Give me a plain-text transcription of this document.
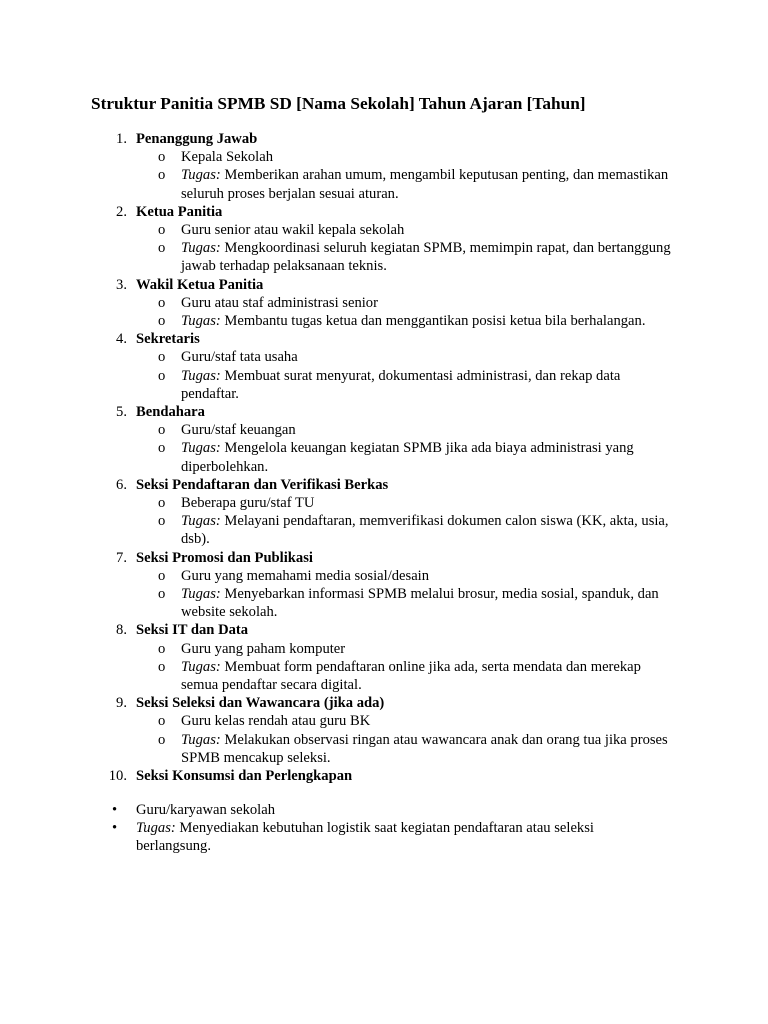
Struktur Panitia SPMB SD [Nama Sekolah] Tahun Ajaran [Tahun]
1. Penanggung Jawab
o Kepala Sekolah
o Tugas: Memberikan arahan umum, mengambil keputusan penting, dan memastikan seluruh proses berjalan sesuai aturan.
2. Ketua Panitia
o Guru senior atau wakil kepala sekolah
o Tugas: Mengkoordinasi seluruh kegiatan SPMB, memimpin rapat, dan bertanggung jawab terhadap pelaksanaan teknis.
3. Wakil Ketua Panitia
o Guru atau staf administrasi senior
o Tugas: Membantu tugas ketua dan menggantikan posisi ketua bila berhalangan.
4. Sekretaris
o Guru/staf tata usaha
o Tugas: Membuat surat menyurat, dokumentasi administrasi, dan rekap data pendaftar.
5. Bendahara
o Guru/staf keuangan
o Tugas: Mengelola keuangan kegiatan SPMB jika ada biaya administrasi yang diperbolehkan.
6. Seksi Pendaftaran dan Verifikasi Berkas
o Beberapa guru/staf TU
o Tugas: Melayani pendaftaran, memverifikasi dokumen calon siswa (KK, akta, usia, dsb).
7. Seksi Promosi dan Publikasi
o Guru yang memahami media sosial/desain
o Tugas: Menyebarkan informasi SPMB melalui brosur, media sosial, spanduk, dan website sekolah.
8. Seksi IT dan Data
o Guru yang paham komputer
o Tugas: Membuat form pendaftaran online jika ada, serta mendata dan merekap semua pendaftar secara digital.
9. Seksi Seleksi dan Wawancara (jika ada)
o Guru kelas rendah atau guru BK
o Tugas: Melakukan observasi ringan atau wawancara anak dan orang tua jika proses SPMB mencakup seleksi.
10. Seksi Konsumsi dan Perlengkapan
• Guru/karyawan sekolah
• Tugas: Menyediakan kebutuhan logistik saat kegiatan pendaftaran atau seleksi berlangsung.
